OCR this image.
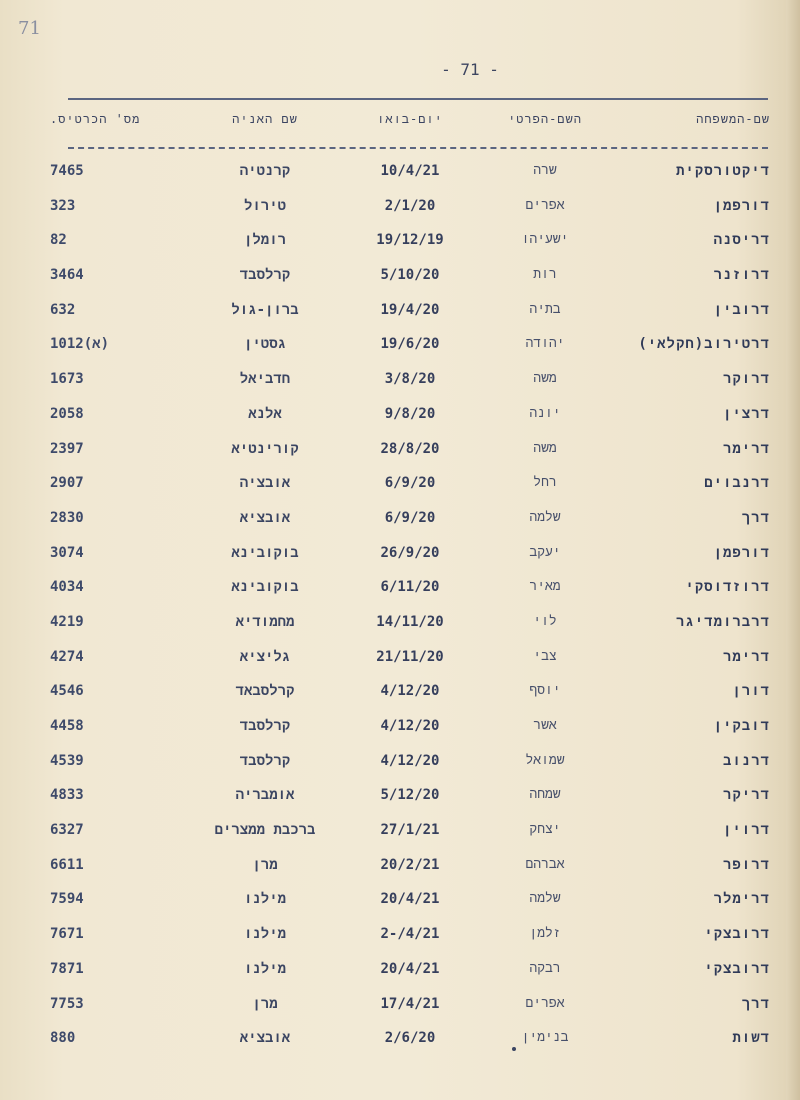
71
- 71 -
שם-המשפחה
השם-הפרטי
יום-בואו
שם האניה
מס' הכרטיס.
דיקטורסקית
שרה
10/4/21
קרנטיה
7465
דורפמן
אפרים
2/1/20
טירול
323
דריסנה
ישעיהו
19/12/19
רומלן
82
דרוזנר
רות
5/10/20
קרלסבד
3464
דרובין
בתיה
19/4/20
ברון-גול
632
דרטירוב(חקלאי)
יהודה
19/6/20
גסטין
1012(א)
דרוקר
משה
3/8/20
חדביאל
1673
דרצין
יונה
9/8/20
אלנא
2058
דרימר
משה
28/8/20
קורינטיא
2397
דרנבוים
רחל
6/9/20
אובציה
2907
דרך
שלמה
6/9/20
אובציא
2830
דורפמן
יעקב
26/9/20
בוקובינא
3074
דרוזדוסקי
מאיר
6/11/20
בוקובינא
4034
דרברומדיגר
לוי
14/11/20
מחמודיא
4219
דרימר
צבי
21/11/20
גליציא
4274
דורן
יוסף
4/12/20
קרלסבאד
4546
דובקין
אשר
4/12/20
קרלסבד
4458
דרנוב
שמואל
4/12/20
קרלסבד
4539
דריקר
שמחה
5/12/20
אומבריה
4833
דרוין
יצחק
27/1/21
ברכבת ממצרים
6327
דרופר
אברהם
20/2/21
מרן
6611
דרימלר
שלמה
20/4/21
מילנו
7594
דרובצקי
זלמן
2-/4/21
מילנו
7671
דרובצקי
רבקה
20/4/21
מילנו
7871
דרך
אפרים
17/4/21
מרן
7753
דשות
בנימין
2/6/20
אובציא
880
